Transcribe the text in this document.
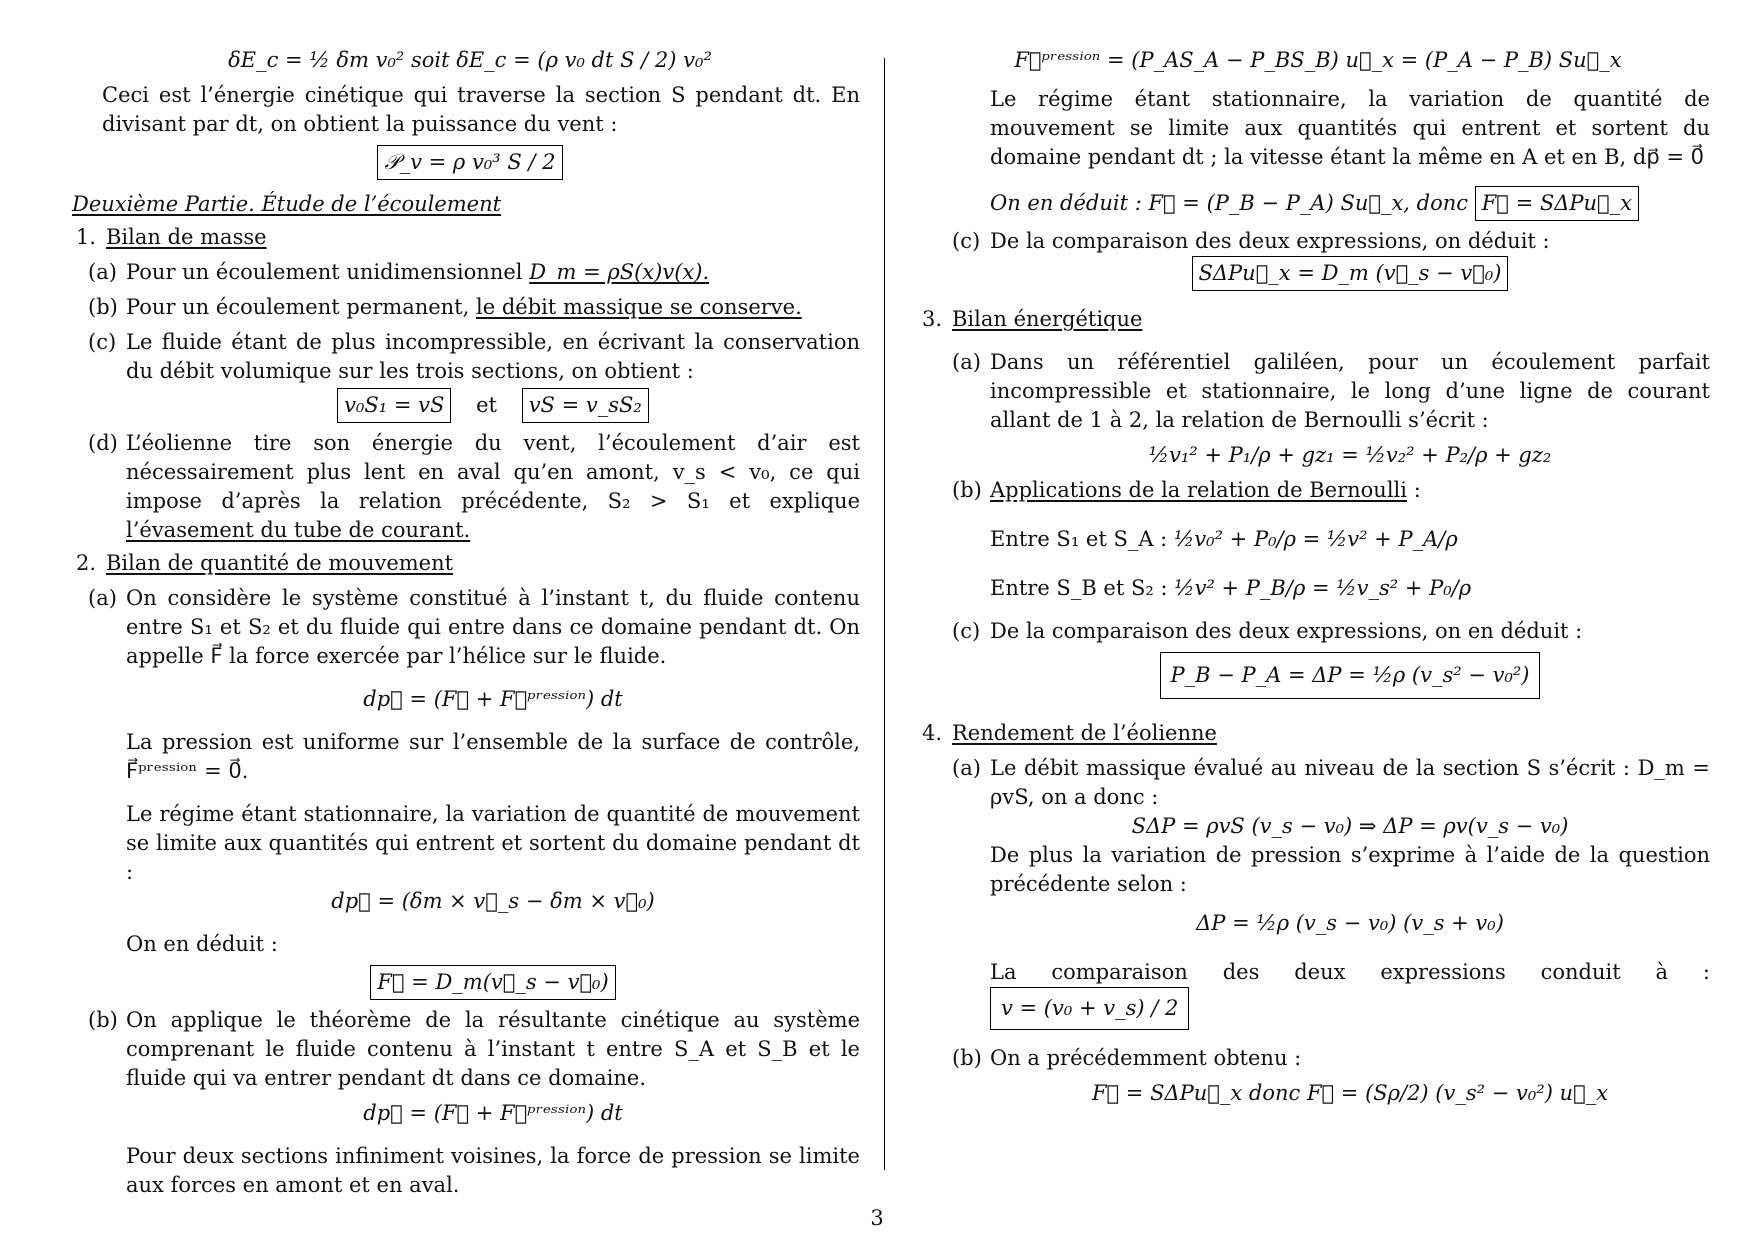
δE_c = ½ δm v₀² soit δE_c = (ρ v₀ dt S / 2) v₀²

Ceci est l’énergie cinétique qui traverse la section S pendant dt. En divisant par dt, on obtient la puissance du vent :

𝒫_v = ρ v₀³ S / 2

Deuxième Partie. Étude de l’écoulement

1. Bilan de masse
(a) Pour un écoulement unidimensionnel D_m = ρS(x)v(x).
(b) Pour un écoulement permanent, le débit massique se conserve.
(c) Le fluide étant de plus incompressible, en écrivant la conservation du débit volumique sur les trois sections, on obtient :
v₀S₁ = vS et vS = v_sS₂
(d) L’éolienne tire son énergie du vent, l’écoulement d’air est nécessairement plus lent en aval qu’en amont, v_s < v₀, ce qui impose d’après la relation précédente, S₂ > S₁ et explique l’évasement du tube de courant.
2. Bilan de quantité de mouvement
(a) On considère le système constitué à l’instant t, du fluide contenu entre S₁ et S₂ et du fluide qui entre dans ce domaine pendant dt. On appelle F⃗ la force exercée par l’hélice sur le fluide.

dp⃗ = (F⃗ + F⃗ᵖʳᵉˢˢⁱᵒⁿ) dt

La pression est uniforme sur l’ensemble de la surface de contrôle, F⃗ᵖʳᵉˢˢⁱᵒⁿ = 0⃗.

Le régime étant stationnaire, la variation de quantité de mouvement se limite aux quantités qui entrent et sortent du domaine pendant dt :

dp⃗ = (δm × v⃗_s − δm × v⃗₀)

On en déduit :

F⃗ = D_m(v⃗_s − v⃗₀)

(b) On applique le théorème de la résultante cinétique au système comprenant le fluide contenu à l’instant t entre S_A et S_B et le fluide qui va entrer pendant dt dans ce domaine.

dp⃗ = (F⃗ + F⃗ᵖʳᵉˢˢⁱᵒⁿ) dt

Pour deux sections infiniment voisines, la force de pression se limite aux forces en amont et en aval.

F⃗ᵖʳᵉˢˢⁱᵒⁿ = (P_AS_A − P_BS_B) u⃗_x = (P_A − P_B) Su⃗_x

Le régime étant stationnaire, la variation de quantité de mouvement se limite aux quantités qui entrent et sortent du domaine pendant dt ; la vitesse étant la même en A et en B, dp⃗ = 0⃗

On en déduit : F⃗ = (P_B − P_A) Su⃗_x, donc F⃗ = SΔPu⃗_x

(c) De la comparaison des deux expressions, on déduit :

SΔPu⃗_x = D_m (v⃗_s − v⃗₀)

3. Bilan énergétique
(a) Dans un référentiel galiléen, pour un écoulement parfait incompressible et stationnaire, le long d’une ligne de courant allant de 1 à 2, la relation de Bernoulli s’écrit :

½v₁² + P₁/ρ + gz₁ = ½v₂² + P₂/ρ + gz₂

(b) Applications de la relation de Bernoulli :

Entre S₁ et S_A : ½v₀² + P₀/ρ = ½v² + P_A/ρ

Entre S_B et S₂ : ½v² + P_B/ρ = ½v_s² + P₀/ρ

(c) De la comparaison des deux expressions, on en déduit :

P_B − P_A = ΔP = ½ρ (v_s² − v₀²)

4. Rendement de l’éolienne
(a) Le débit massique évalué au niveau de la section S s’écrit : D_m = ρvS, on a donc :

SΔP = ρvS (v_s − v₀) ⇒ ΔP = ρv(v_s − v₀)

De plus la variation de pression s’exprime à l’aide de la question précédente selon :

ΔP = ½ρ (v_s − v₀) (v_s + v₀)

La comparaison des deux expressions conduit à : v = (v₀ + v_s) / 2

(b) On a précédemment obtenu :

F⃗ = SΔPu⃗_x donc F⃗ = (Sρ/2) (v_s² − v₀²) u⃗_x

3
